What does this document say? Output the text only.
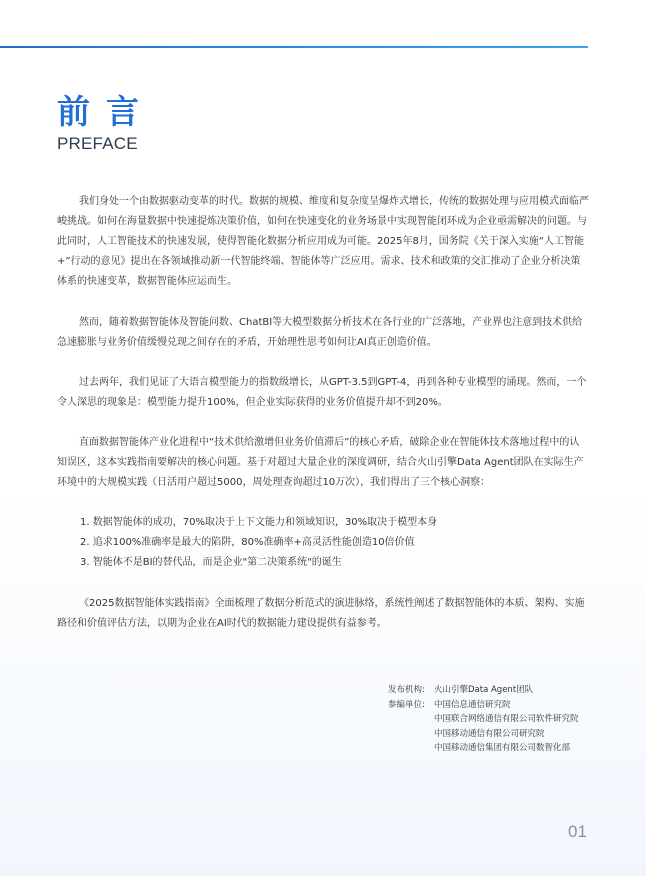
前言
PREFACE

我们身处一个由数据驱动变革的时代。数据的规模、维度和复杂度呈爆炸式增长，传统的数据处理与应用模式面临严峻挑战。如何在海量数据中快速提炼决策价值，如何在快速变化的业务场景中实现智能闭环成为企业亟需解决的问题。与此同时，人工智能技术的快速发展，使得智能化数据分析应用成为可能。2025年8月，国务院《关于深入实施“人工智能+”行动的意见》提出在各领域推动新一代智能终端、智能体等广泛应用。需求、技术和政策的交汇推动了企业分析决策体系的快速变革，数据智能体应运而生。

然而，随着数据智能体及智能问数、ChatBI等大模型数据分析技术在各行业的广泛落地，产业界也注意到技术供给急速膨胀与业务价值缓慢兑现之间存在的矛盾，开始理性思考如何让AI真正创造价值。

过去两年，我们见证了大语言模型能力的指数级增长，从GPT-3.5到GPT-4，再到各种专业模型的涌现。然而，一个令人深思的现象是：模型能力提升100%，但企业实际获得的业务价值提升却不到20%。

直面数据智能体产业化进程中“技术供给激增但业务价值滞后”的核心矛盾，破除企业在智能体技术落地过程中的认知误区，这本实践指南要解决的核心问题。基于对超过大量企业的深度调研，结合火山引擎Data Agent团队在实际生产环境中的大规模实践（日活用户超过5000，周处理查询超过10万次），我们得出了三个核心洞察：

1. 数据智能体的成功，70%取决于上下文能力和领域知识，30%取决于模型本身
2. 追求100%准确率是最大的陷阱，80%准确率+高灵活性能创造10倍价值
3. 智能体不是BI的替代品，而是企业"第二决策系统"的诞生

《2025数据智能体实践指南》全面梳理了数据分析范式的演进脉络，系统性阐述了数据智能体的本质、架构、实施路径和价值评估方法，以期为企业在AI时代的数据能力建设提供有益参考。

发布机构:	火山引擎Data Agent团队
参编单位:	中国信息通信研究院
中国联合网络通信有限公司软件研究院
中国移动通信有限公司研究院
中国移动通信集团有限公司数智化部
01
